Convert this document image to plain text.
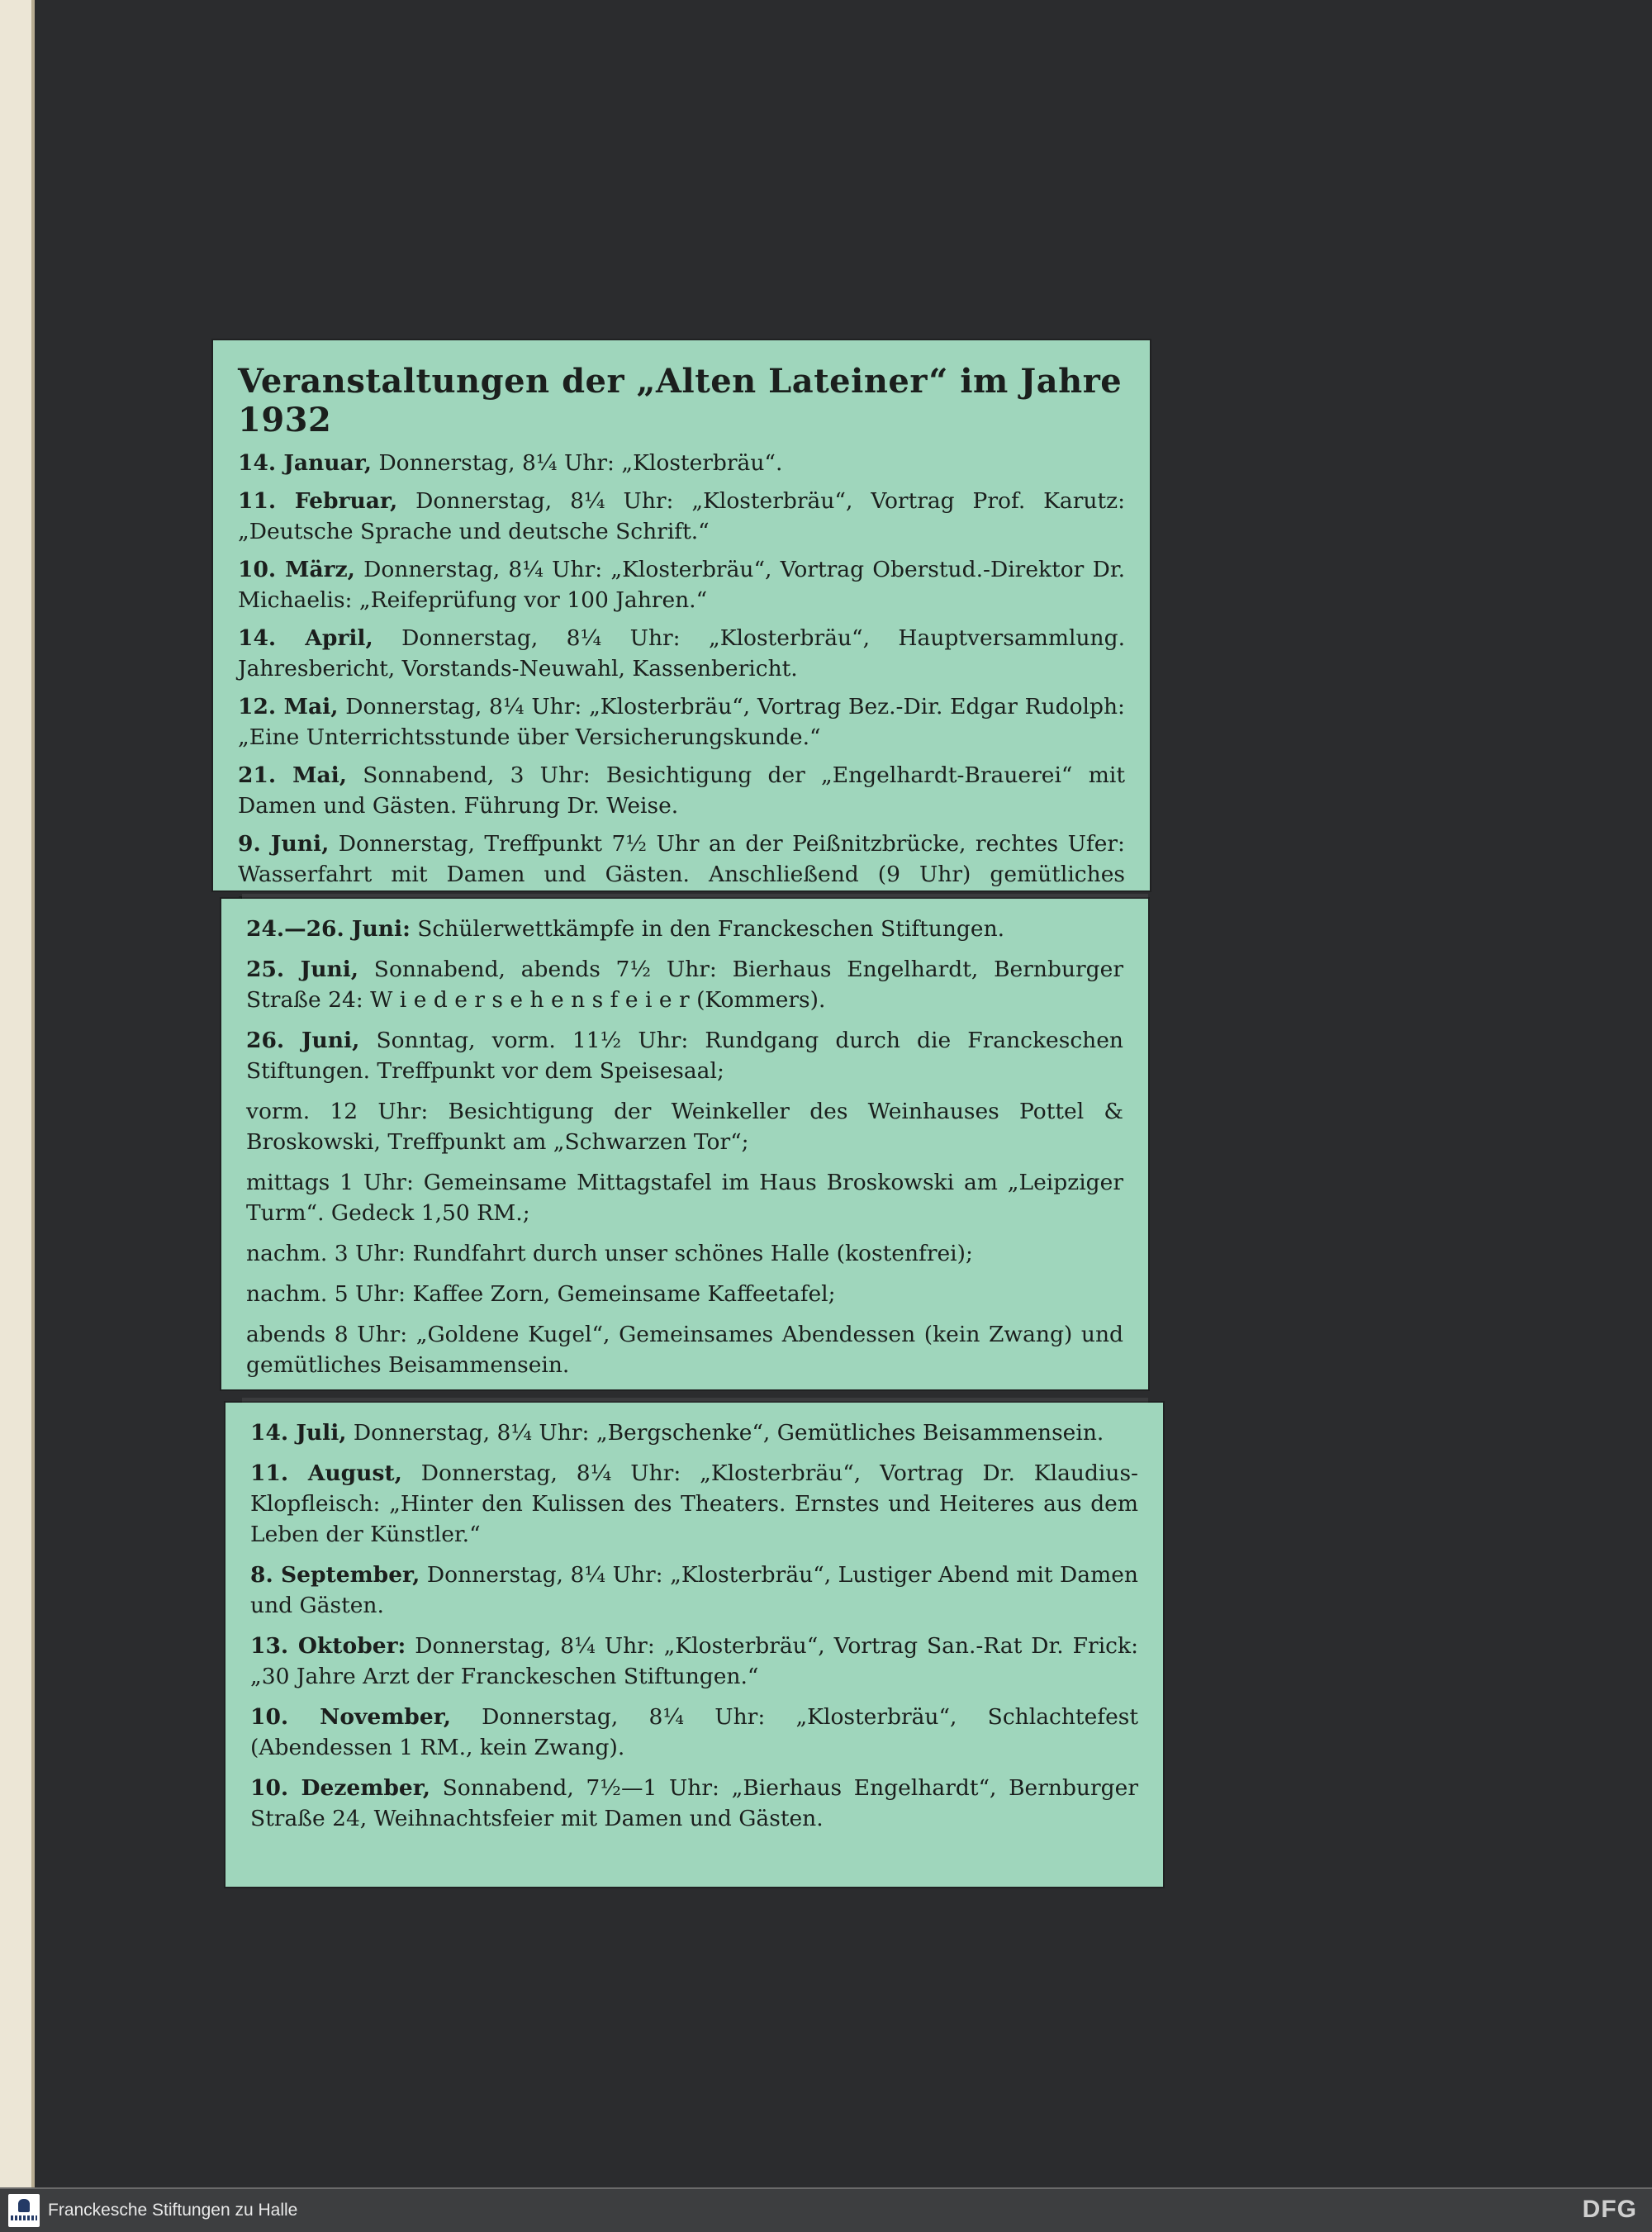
Veranstaltungen der „Alten Lateiner“ im Jahre 1932

14. Januar, Donnerstag, 8¼ Uhr: „Klosterbräu“.

11. Februar, Donnerstag, 8¼ Uhr: „Klosterbräu“, Vortrag Prof. Karutz: „Deutsche Sprache und deutsche Schrift.“

10. März, Donnerstag, 8¼ Uhr: „Klosterbräu“, Vortrag Oberstud.-Direktor Dr. Michaelis: „Reifeprüfung vor 100 Jahren.“

14. April, Donnerstag, 8¼ Uhr: „Klosterbräu“, Hauptversammlung. Jahresbericht, Vorstands-Neuwahl, Kassenbericht.

12. Mai, Donnerstag, 8¼ Uhr: „Klosterbräu“, Vortrag Bez.-Dir. Edgar Rudolph: „Eine Unterrichtsstunde über Versicherungskunde.“

21. Mai, Sonnabend, 3 Uhr: Besichtigung der „Engelhardt-Brauerei“ mit Damen und Gästen. Führung Dr. Weise.

9. Juni, Donnerstag, Treffpunkt 7½ Uhr an der Peißnitzbrücke, rechtes Ufer: Wasserfahrt mit Damen und Gästen. Anschließend (9 Uhr) gemütliches

24.—26. Juni: Schülerwettkämpfe in den Franckeschen Stiftungen.

25. Juni, Sonnabend, abends 7½ Uhr: Bierhaus Engelhardt, Bernburger Straße 24: W i e d e r s e h e n s f e i e r (Kommers).

26. Juni, Sonntag, vorm. 11½ Uhr: Rundgang durch die Franckeschen Stiftungen. Treffpunkt vor dem Speisesaal;

vorm. 12 Uhr: Besichtigung der Weinkeller des Weinhauses Pottel & Broskowski, Treffpunkt am „Schwarzen Tor“;

mittags 1 Uhr: Gemeinsame Mittagstafel im Haus Broskowski am „Leipziger Turm“. Gedeck 1,50 RM.;

nachm. 3 Uhr: Rundfahrt durch unser schönes Halle (kostenfrei);

nachm. 5 Uhr: Kaffee Zorn, Gemeinsame Kaffeetafel;

abends 8 Uhr: „Goldene Kugel“, Gemeinsames Abendessen (kein Zwang) und gemütliches Beisammensein.

14. Juli, Donnerstag, 8¼ Uhr: „Bergschenke“, Gemütliches Beisammensein.

11. August, Donnerstag, 8¼ Uhr: „Klosterbräu“, Vortrag Dr. Klaudius-Klopfleisch: „Hinter den Kulissen des Theaters. Ernstes und Heiteres aus dem Leben der Künstler.“

8. September, Donnerstag, 8¼ Uhr: „Klosterbräu“, Lustiger Abend mit Damen und Gästen.

13. Oktober: Donnerstag, 8¼ Uhr: „Klosterbräu“, Vortrag San.-Rat Dr. Frick: „30 Jahre Arzt der Franckeschen Stiftungen.“

10. November, Donnerstag, 8¼ Uhr: „Klosterbräu“, Schlachtefest (Abendessen 1 RM., kein Zwang).

10. Dezember, Sonnabend, 7½—1 Uhr: „Bierhaus Engelhardt“, Bernburger Straße 24, Weihnachtsfeier mit Damen und Gästen.

Franckesche Stiftungen zu Halle	DFG
